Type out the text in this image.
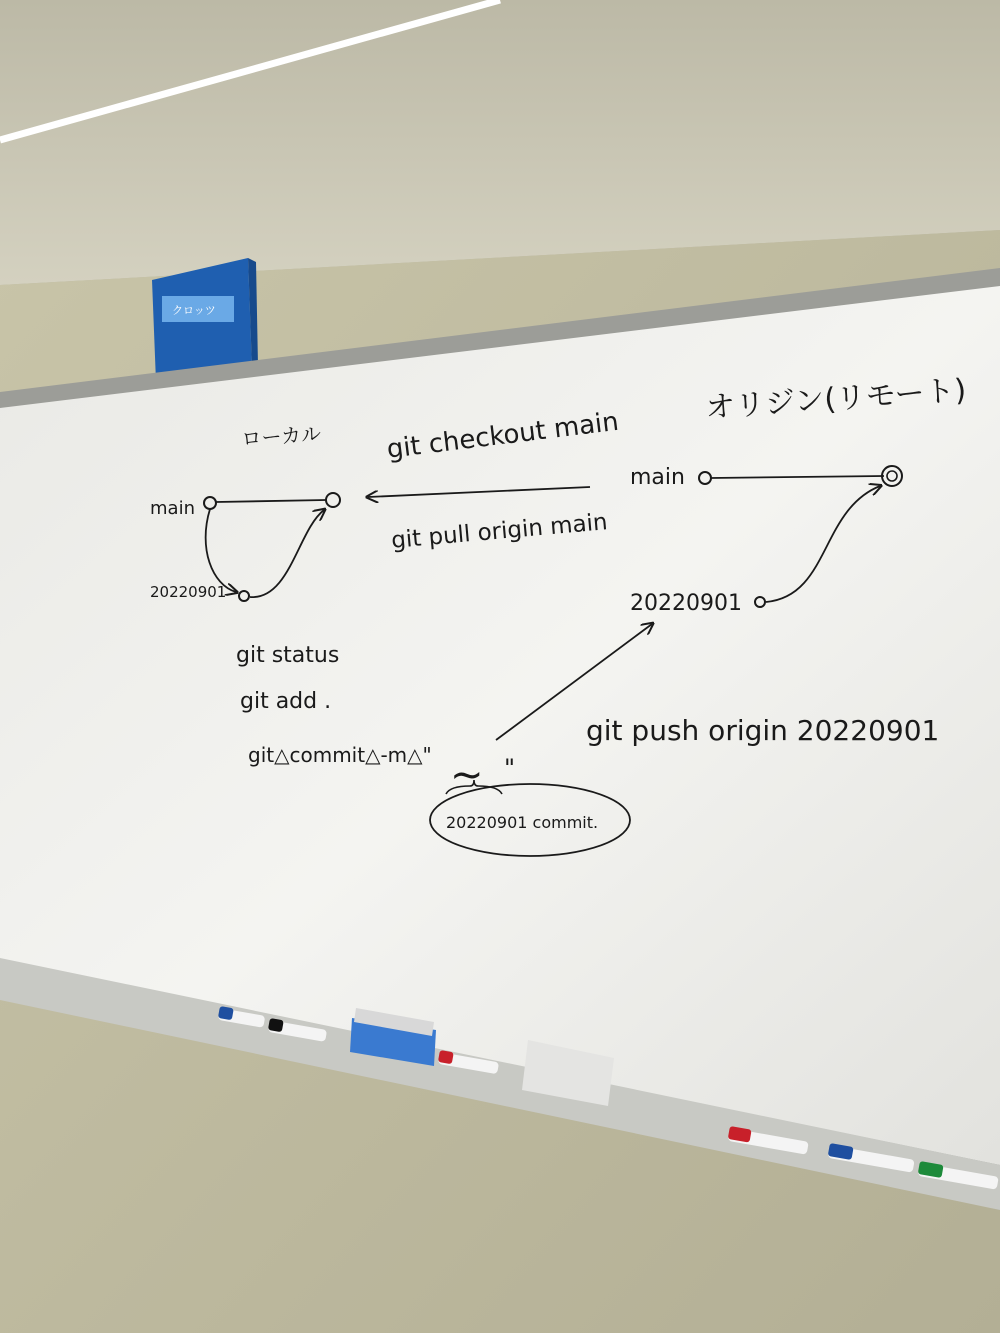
クロッツ
ローカル
オリジン(リモート)
git checkout main
git pull origin main
main
20220901
git status
git add .
git△commit△-m△" ~ "
20220901 commit.
git push origin 20220901
main
20220901
